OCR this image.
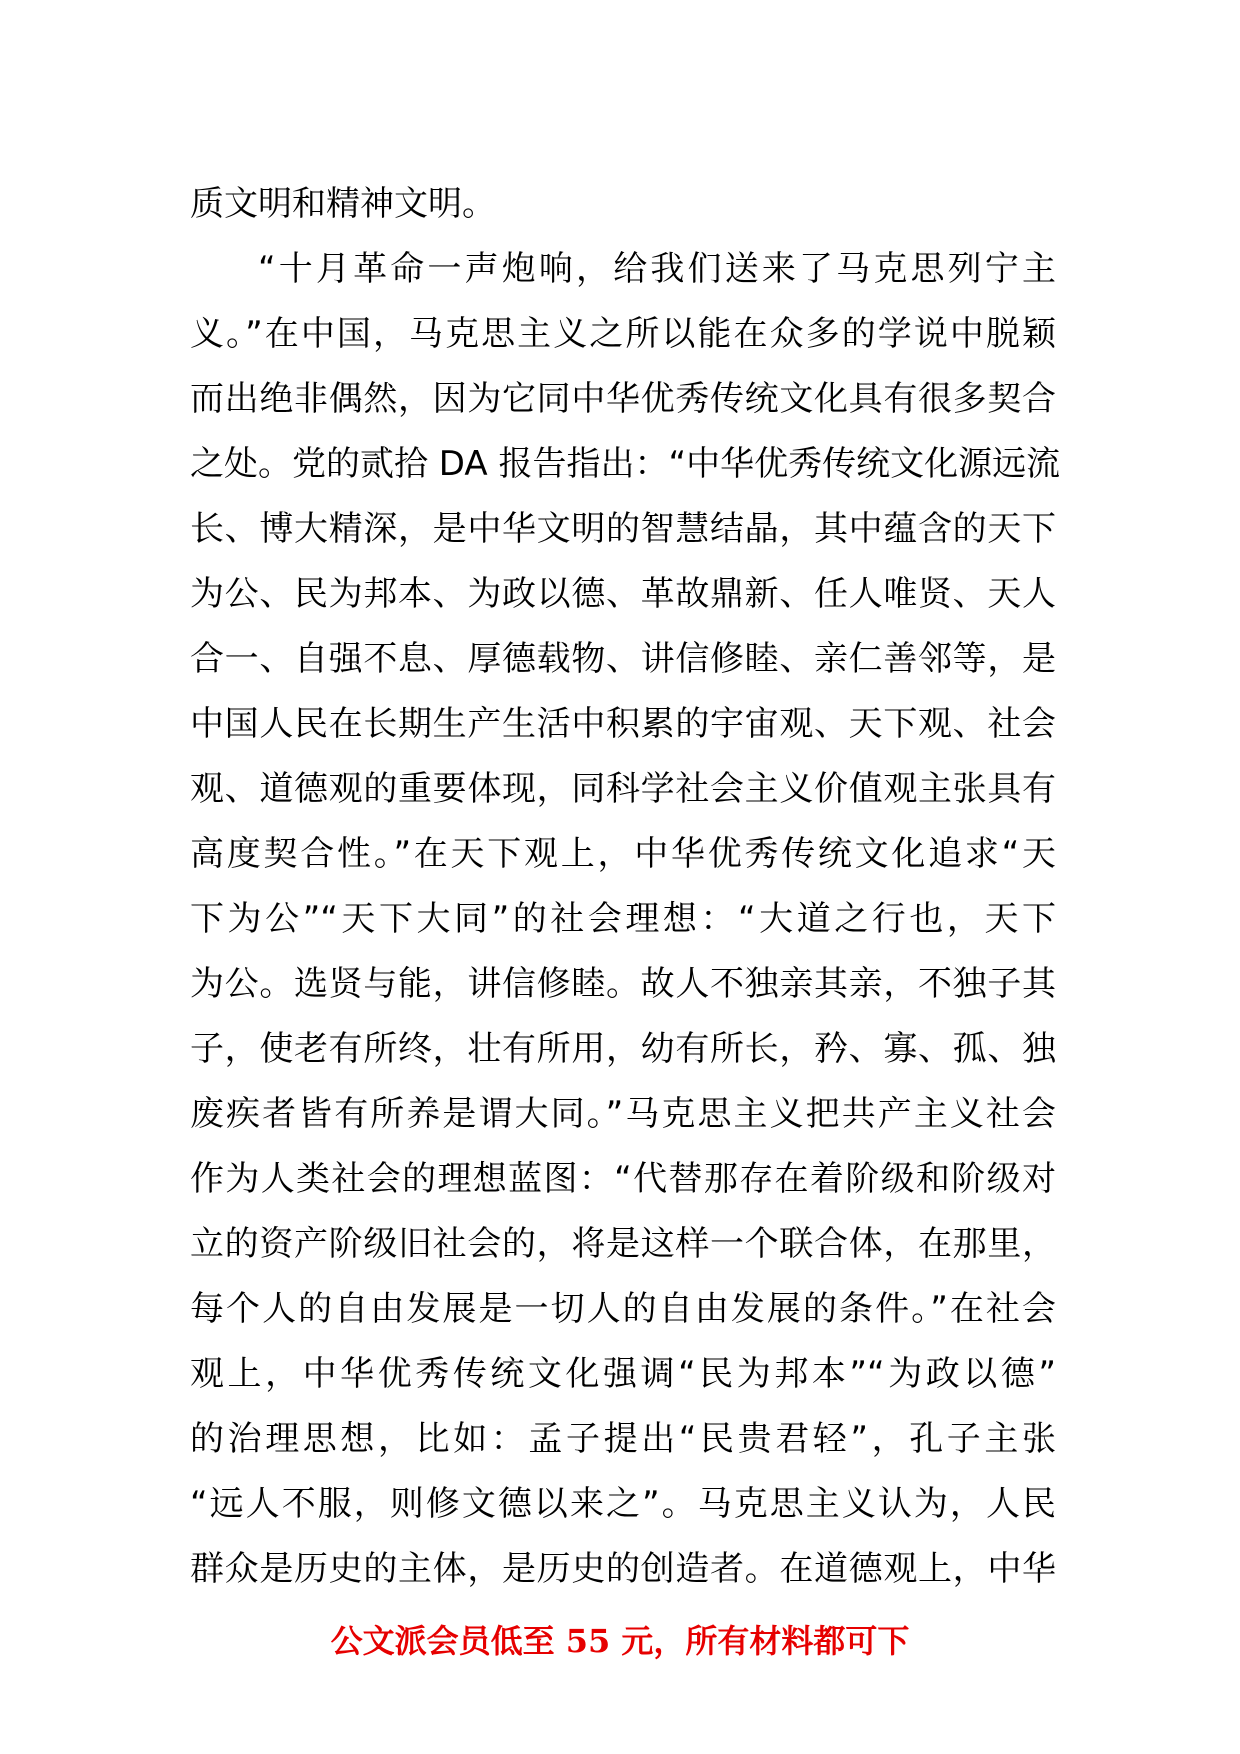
质文明和精神文明。
“十月革命一声炮响，给我们送来了马克思列宁主
义。”在中国，马克思主义之所以能在众多的学说中脱颖
而出绝非偶然，因为它同中华优秀传统文化具有很多契合
之处。党的贰拾 DA 报告指出：“中华优秀传统文化源远流
长、博大精深，是中华文明的智慧结晶，其中蕴含的天下
为公、民为邦本、为政以德、革故鼎新、任人唯贤、天人
合一、自强不息、厚德载物、讲信修睦、亲仁善邻等，是
中国人民在长期生产生活中积累的宇宙观、天下观、社会
观、道德观的重要体现，同科学社会主义价值观主张具有
高度契合性。”在天下观上，中华优秀传统文化追求“天
下为公”“天下大同”的社会理想：“大道之行也，天下
为公。选贤与能，讲信修睦。故人不独亲其亲，不独子其
子，使老有所终，壮有所用，幼有所长，矜、寡、孤、独
废疾者皆有所养是谓大同。”马克思主义把共产主义社会
作为人类社会的理想蓝图：“代替那存在着阶级和阶级对
立的资产阶级旧社会的，将是这样一个联合体，在那里，
每个人的自由发展是一切人的自由发展的条件。”在社会
观上，中华优秀传统文化强调“民为邦本”“为政以德”
的治理思想，比如：孟子提出“民贵君轻”，孔子主张
“远人不服，则修文德以来之”。马克思主义认为，人民
群众是历史的主体，是历史的创造者。在道德观上，中华
公文派会员低至 55 元，所有材料都可下
